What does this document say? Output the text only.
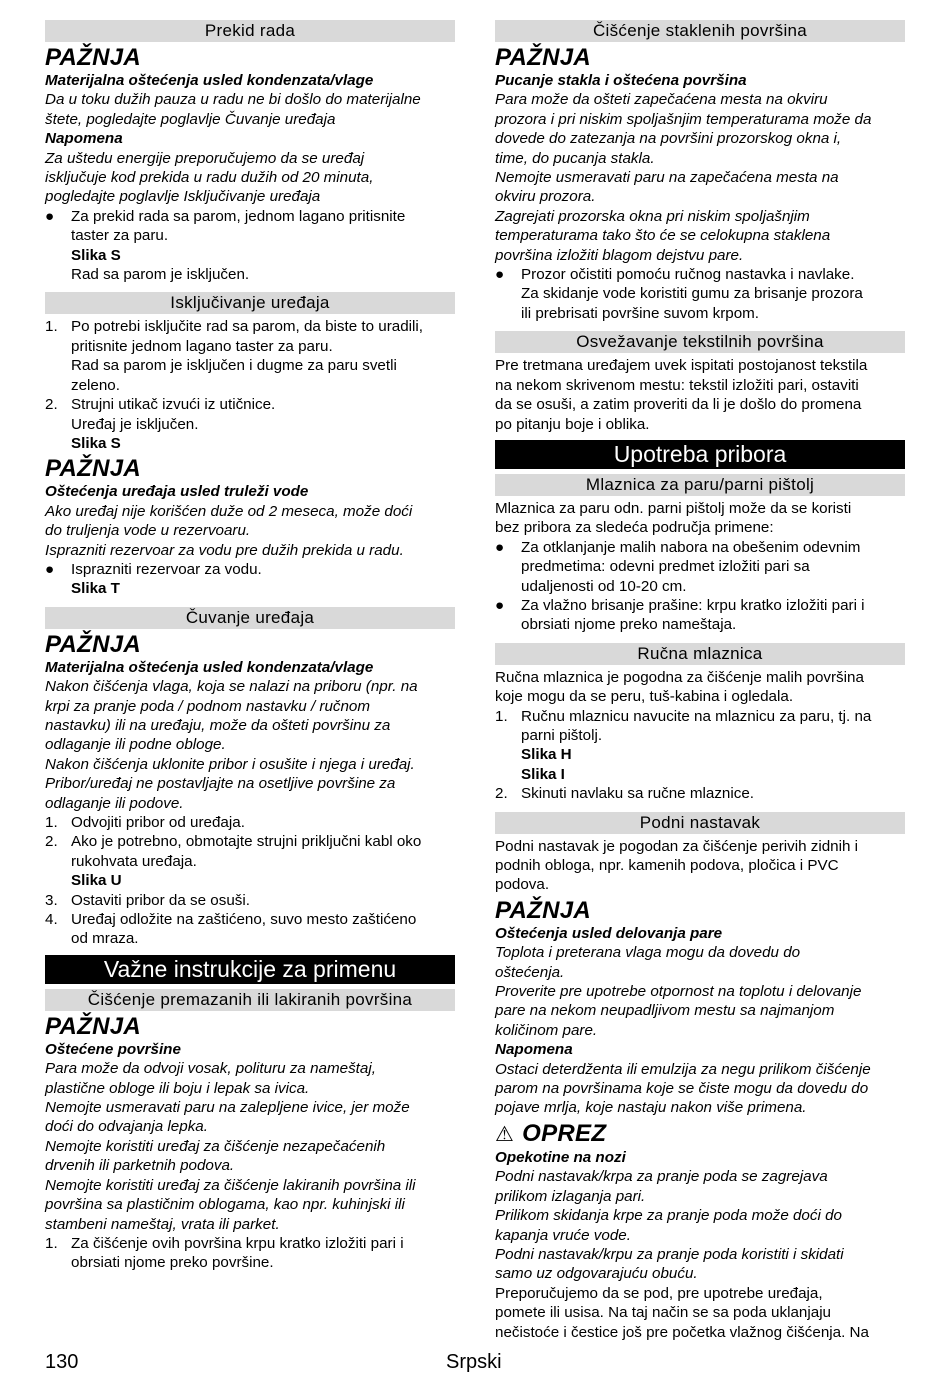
Prekid rada
PAŽNJA
Materijalna oštećenja usled kondenzata/vlage
Da u toku dužih pauza u radu ne bi došlo do materijalne
štete, pogledajte poglavlje Čuvanje uređaja
Napomena
Za uštedu energije preporučujemo da se uređaj
isključuje kod prekida u radu dužih od 20 minuta,
pogledajte poglavlje Isključivanje uređaja
●	Za prekid rada sa parom, jednom lagano pritisnite
taster za paru.
Slika S
Rad sa parom je isključen.
Isključivanje uređaja
1. Po potrebi isključite rad sa parom, da biste to uradili,
pritisnite jednom lagano taster za paru.
Rad sa parom je isključen i dugme za paru svetli
zeleno.
2. Strujni utikač izvući iz utičnice.
Uređaj je isključen.
Slika S
PAŽNJA
Oštećenja uređaja usled truleži vode
Ako uređaj nije korišćen duže od 2 meseca, može doći
do truljenja vode u rezervoaru.
Isprazniti rezervoar za vodu pre dužih prekida u radu.
●	Isprazniti rezervoar za vodu.
Slika T
Čuvanje uređaja
PAŽNJA
Materijalna oštećenja usled kondenzata/vlage
Nakon čišćenja vlaga, koja se nalazi na priboru (npr. na
krpi za pranje poda / podnom nastavku / ručnom
nastavku) ili na uređaju, može da ošteti površinu za
odlaganje ili podne obloge.
Nakon čišćenja uklonite pribor i osušite i njega i uređaj.
Pribor/uređaj ne postavljajte na osetljive površine za
odlaganje ili podove.
1. Odvojiti pribor od uređaja.
2. Ako je potrebno, obmotajte strujni priključni kabl oko
rukohvata uređaja.
Slika U
3. Ostaviti pribor da se osuši.
4. Uređaj odložite na zaštićeno, suvo mesto zaštićeno
od mraza.
Važne instrukcije za primenu
Čišćenje premazanih ili lakiranih površina
PAŽNJA
Oštećene površine
Para može da odvoji vosak, polituru za nameštaj,
plastične obloge ili boju i lepak sa ivica.
Nemojte usmeravati paru na zalepljene ivice, jer može
doći do odvajanja lepka.
Nemojte koristiti uređaj za čišćenje nezapečaćenih
drvenih ili parketnih podova.
Nemojte koristiti uređaj za čišćenje lakiranih površina ili
površina sa plastičnim oblogama, kao npr. kuhinjski ili
stambeni nameštaj, vrata ili parket.
1. Za čišćenje ovih površina krpu kratko izložiti pari i
obrsiati njome preko površine.
Čišćenje staklenih površina
PAŽNJA
Pucanje stakla i oštećena površina
Para može da ošteti zapečaćena mesta na okviru
prozora i pri niskim spoljašnjim temperaturama može da
dovede do zatezanja na površini prozorskog okna i,
time, do pucanja stakla.
Nemojte usmeravati paru na zapečaćena mesta na
okviru prozora.
Zagrejati prozorska okna pri niskim spoljašnjim
temperaturama tako što će se celokupna staklena
površina izložiti blagom dejstvu pare.
●	Prozor očistiti pomoću ručnog nastavka i navlake.
Za skidanje vode koristiti gumu za brisanje prozora
ili prebrisati površine suvom krpom.
Osvežavanje tekstilnih površina
Pre tretmana uređajem uvek ispitati postojanost tekstila
na nekom skrivenom mestu: tekstil izložiti pari, ostaviti
da se osuši, a zatim proveriti da li je došlo do promena
po pitanju boje i oblika.
Upotreba pribora
Mlaznica za paru/parni pištolj
Mlaznica za paru odn. parni pištolj može da se koristi
bez pribora za sledeća područja primene:
●	Za otklanjanje malih nabora na obešenim odevnim
predmetima: odevni predmet izložiti pari sa
udaljenosti od 10-20 cm.
●	Za vlažno brisanje prašine: krpu kratko izložiti pari i
obrsiati njome preko nameštaja.
Ručna mlaznica
Ručna mlaznica je pogodna za čišćenje malih površina
koje mogu da se peru, tuš-kabina i ogledala.
1. Ručnu mlaznicu navucite na mlaznicu za paru, tj. na
parni pištolj.
Slika H
Slika I
2. Skinuti navlaku sa ručne mlaznice.
Podni nastavak
Podni nastavak je pogodan za čišćenje perivih zidnih i
podnih obloga, npr. kamenih podova, pločica i PVC
podova.
PAŽNJA
Oštećenja usled delovanja pare
Toplota i preterana vlaga mogu da dovedu do
oštećenja.
Proverite pre upotrebe otpornost na toplotu i delovanje
pare na nekom neupadljivom mestu sa najmanjom
količinom pare.
Napomena
Ostaci deterdženta ili emulzija za negu prilikom čišćenje
parom na površinama koje se čiste mogu da dovedu do
pojave mrlja, koje nastaju nakon više primena.
⚠ OPREZ
Opekotine na nozi
Podni nastavak/krpa za pranje poda se zagrejava
prilikom izlaganja pari.
Prilikom skidanja krpe za pranje poda može doći do
kapanja vruće vode.
Podni nastavak/krpu za pranje poda koristiti i skidati
samo uz odgovarajuću obuću.
Preporučujemo da se pod, pre upotrebe uređaja,
pomete ili usisa. Na taj način se sa poda uklanjaju
nečistoće i čestice još pre početka vlažnog čišćenja. Na
130	Srpski
